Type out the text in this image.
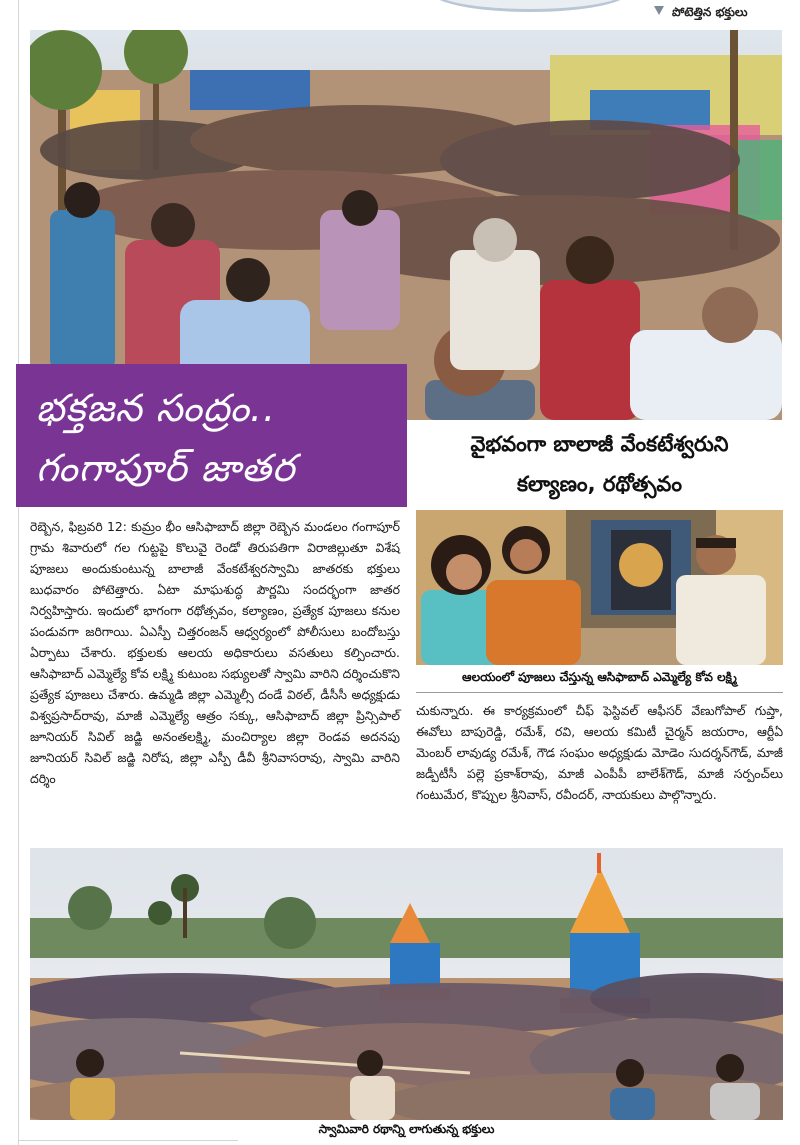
పోటెత్తిన భక్తులు
భక్తజన సంద్రం..
గంగాపూర్ జాతర
వైభవంగా బాలాజీ వేంకటేశ్వరుని
కల్యాణం, రథోత్సవం
రెబ్బెన, ఫిబ్రవరి 12: కుమ్రం భీం ఆసిఫాబాద్ జిల్లా రెబ్బెన మండలం గంగాపూర్ గ్రామ శివారులో గల గుట్టపై కొలువై రెండో తిరుపతిగా విరాజిల్లుతూ విశేష పూజలు అందుకుంటున్న బాలాజీ వేంకటేశ్వరస్వామి జాతరకు భక్తులు బుధవారం పోటెత్తారు. ఏటా మాఘశుద్ధ పౌర్ణమి సందర్భంగా జాతర నిర్వహిస్తారు. ఇందులో భాగంగా రథోత్సవం, కల్యాణం, ప్రత్యేక పూజలు కనుల పండువగా జరిగాయి. ఏఎస్పీ చిత్తరంజన్ ఆధ్వర్యంలో పోలీసులు బందోబస్తు ఏర్పాటు చేశారు. భక్తులకు ఆలయ అధికారులు వసతులు కల్పించారు. ఆసిఫాబాద్ ఎమ్మెల్యే కోవ లక్ష్మి కుటుంబ సభ్యులతో స్వామి వారిని దర్శించుకొని ప్రత్యేక పూజలు చేశారు. ఉమ్మడి జిల్లా ఎమ్మెల్సీ దండే విఠల్, డీసీసీ అధ్యక్షుడు విశ్వప్రసాద్‌రావు, మాజీ ఎమ్మెల్యే ఆత్రం సక్కు, ఆసిఫాబాద్ జిల్లా ప్రిన్సిపాల్ జూనియర్ సివిల్ జడ్జి అనంతలక్ష్మి, మంచిర్యాల జిల్లా రెండవ అదనపు జూనియర్ సివిల్ జడ్జి నిరోష, జిల్లా ఎస్పీ డీవీ శ్రీనివాసరావు, స్వామి వారిని దర్శిం
ఆలయంలో పూజలు చేస్తున్న ఆసిఫాబాద్ ఎమ్మెల్యే కోవ లక్ష్మి
చుకున్నారు. ఈ కార్యక్రమంలో చీఫ్ ఫెస్టివల్ ఆఫీసర్ వేణుగోపాల్ గుప్తా, ఈవోలు బాపురెడ్డి, రమేశ్, రవి, ఆలయ కమిటీ చైర్మన్ జయరాం, ఆర్టీఏ మెంబర్ లావుడ్య రమేశ్, గౌడ సంఘం అధ్యక్షుడు మోడెం సుదర్శన్‌గౌడ్, మాజీ జడ్పీటీసీ పల్లె ప్రకాశ్‌రావు, మాజీ ఎంపీపీ బాలేశ్‌గౌడ్, మాజీ సర్పంచ్‌లు గంటుమేర, కొప్పుల శ్రీనివాస్, రవీందర్, నాయకులు పాల్గొన్నారు.
స్వామివారి రథాన్ని లాగుతున్న భక్తులు
